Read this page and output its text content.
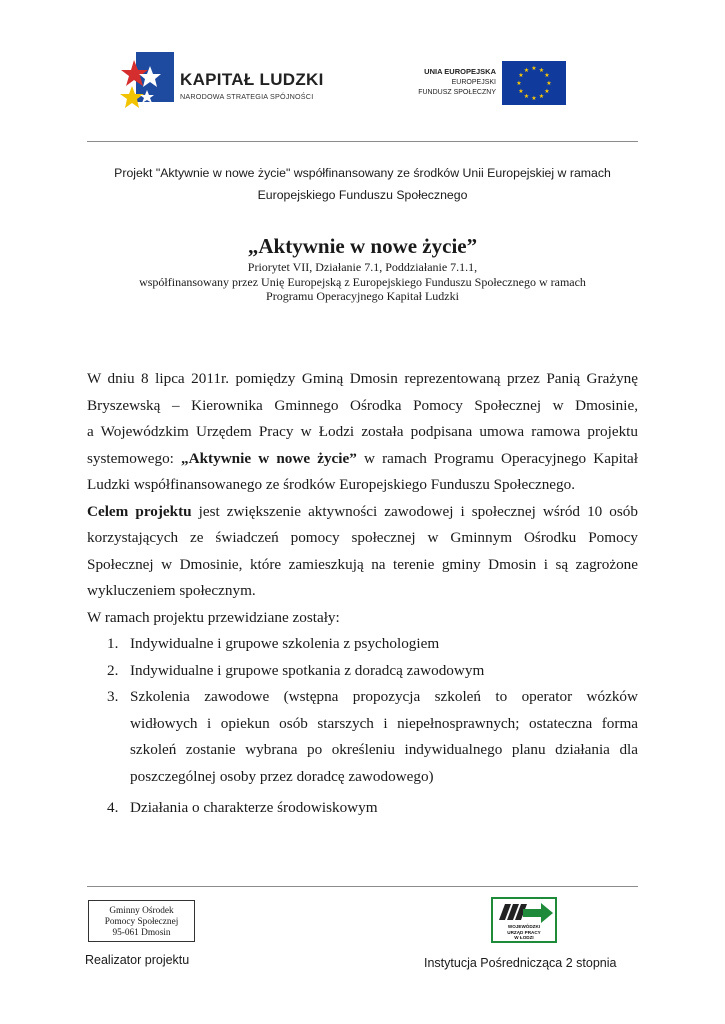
KAPITAŁ LUDZKI
NARODOWA STRATEGIA SPÓJNOŚCI
UNIA EUROPEJSKA
EUROPEJSKI
FUNDUSZ SPOŁECZNY
★ ★
★
★
★
★
★
★
★
★
★
★
Projekt "Aktywnie w nowe życie" współfinansowany ze środków Unii Europejskiej w ramach
Europejskiego Funduszu Społecznego
„Aktywnie w nowe życie”
Priorytet VII, Działanie 7.1, Poddziałanie 7.1.1,
współfinansowany przez Unię Europejską z Europejskiego Funduszu Społecznego w ramach
Programu Operacyjnego Kapitał Ludzki

W dniu 8 lipca 2011r. pomiędzy Gminą Dmosin reprezentowaną przez Panią Grażynę
Bryszewską – Kierownika Gminnego Ośrodka Pomocy Społecznej w Dmosinie,
a Wojewódzkim Urzędem Pracy w Łodzi została podpisana umowa ramowa projektu
systemowego: „Aktywnie w nowe życie” w ramach Programu Operacyjnego Kapitał
Ludzki współfinansowanego ze środków Europejskiego Funduszu Społecznego.

Celem projektu jest zwiększenie aktywności zawodowej i społecznej wśród 10 osób
korzystających ze świadczeń pomocy społecznej w Gminnym Ośrodku Pomocy
Społecznej w Dmosinie, które zamieszkują na terenie gminy Dmosin i są zagrożone
wykluczeniem społecznym.

W ramach projektu przewidziane zostały:

1. Indywidualne i grupowe szkolenia z psychologiem
2. Indywidualne i grupowe spotkania z doradcą zawodowym
3. Szkolenia zawodowe (wstępna propozycja szkoleń to operator wózków
widłowych i opiekun osób starszych i niepełnosprawnych; ostateczna forma
szkoleń zostanie wybrana po określeniu indywidualnego planu działania dla
poszczególnej osoby przez doradcę zawodowego)
4. Działania o charakterze środowiskowym
Gminny Ośrodek
Pomocy Społecznej
95-061 Dmosin
WOJEWÓDZKI
URZĄD PRACY
W ŁODZI
Realizator projektu	Instytucja Pośrednicząca 2 stopnia
